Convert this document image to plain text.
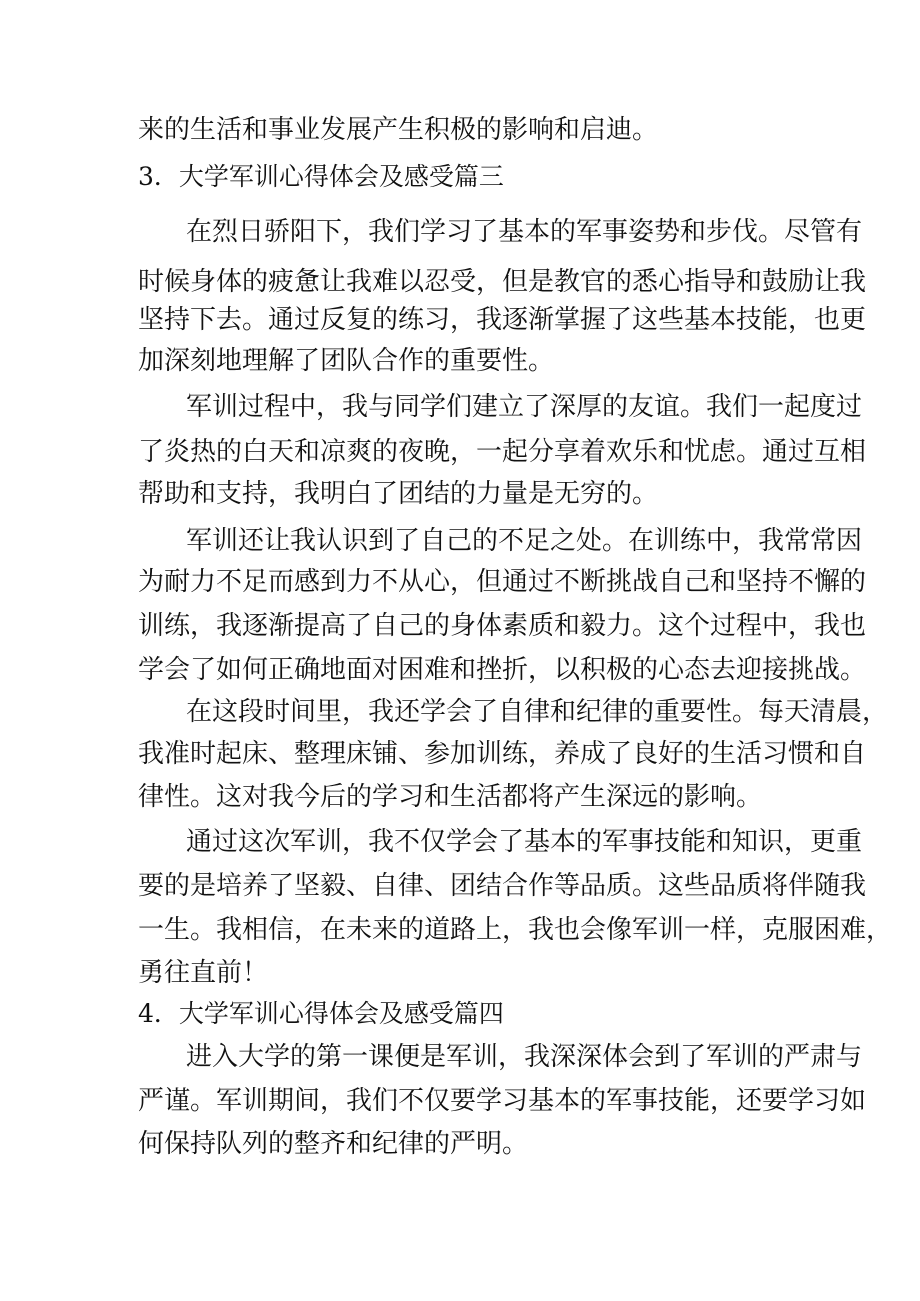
来的生活和事业发展产生积极的影响和启迪。
3．大学军训心得体会及感受篇三
在烈日骄阳下，我们学习了基本的军事姿势和步伐。尽管有
时候身体的疲惫让我难以忍受，但是教官的悉心指导和鼓励让我
坚持下去。通过反复的练习，我逐渐掌握了这些基本技能，也更
加深刻地理解了团队合作的重要性。
军训过程中，我与同学们建立了深厚的友谊。我们一起度过
了炎热的白天和凉爽的夜晚，一起分享着欢乐和忧虑。通过互相
帮助和支持，我明白了团结的力量是无穷的。
军训还让我认识到了自己的不足之处。在训练中，我常常因
为耐力不足而感到力不从心，但通过不断挑战自己和坚持不懈的
训练，我逐渐提高了自己的身体素质和毅力。这个过程中，我也
学会了如何正确地面对困难和挫折，以积极的心态去迎接挑战。
在这段时间里，我还学会了自律和纪律的重要性。每天清晨，
我准时起床、整理床铺、参加训练，养成了良好的生活习惯和自
律性。这对我今后的学习和生活都将产生深远的影响。
通过这次军训，我不仅学会了基本的军事技能和知识，更重
要的是培养了坚毅、自律、团结合作等品质。这些品质将伴随我
一生。我相信，在未来的道路上，我也会像军训一样，克服困难，
勇往直前！
4．大学军训心得体会及感受篇四
进入大学的第一课便是军训，我深深体会到了军训的严肃与
严谨。军训期间，我们不仅要学习基本的军事技能，还要学习如
何保持队列的整齐和纪律的严明。
